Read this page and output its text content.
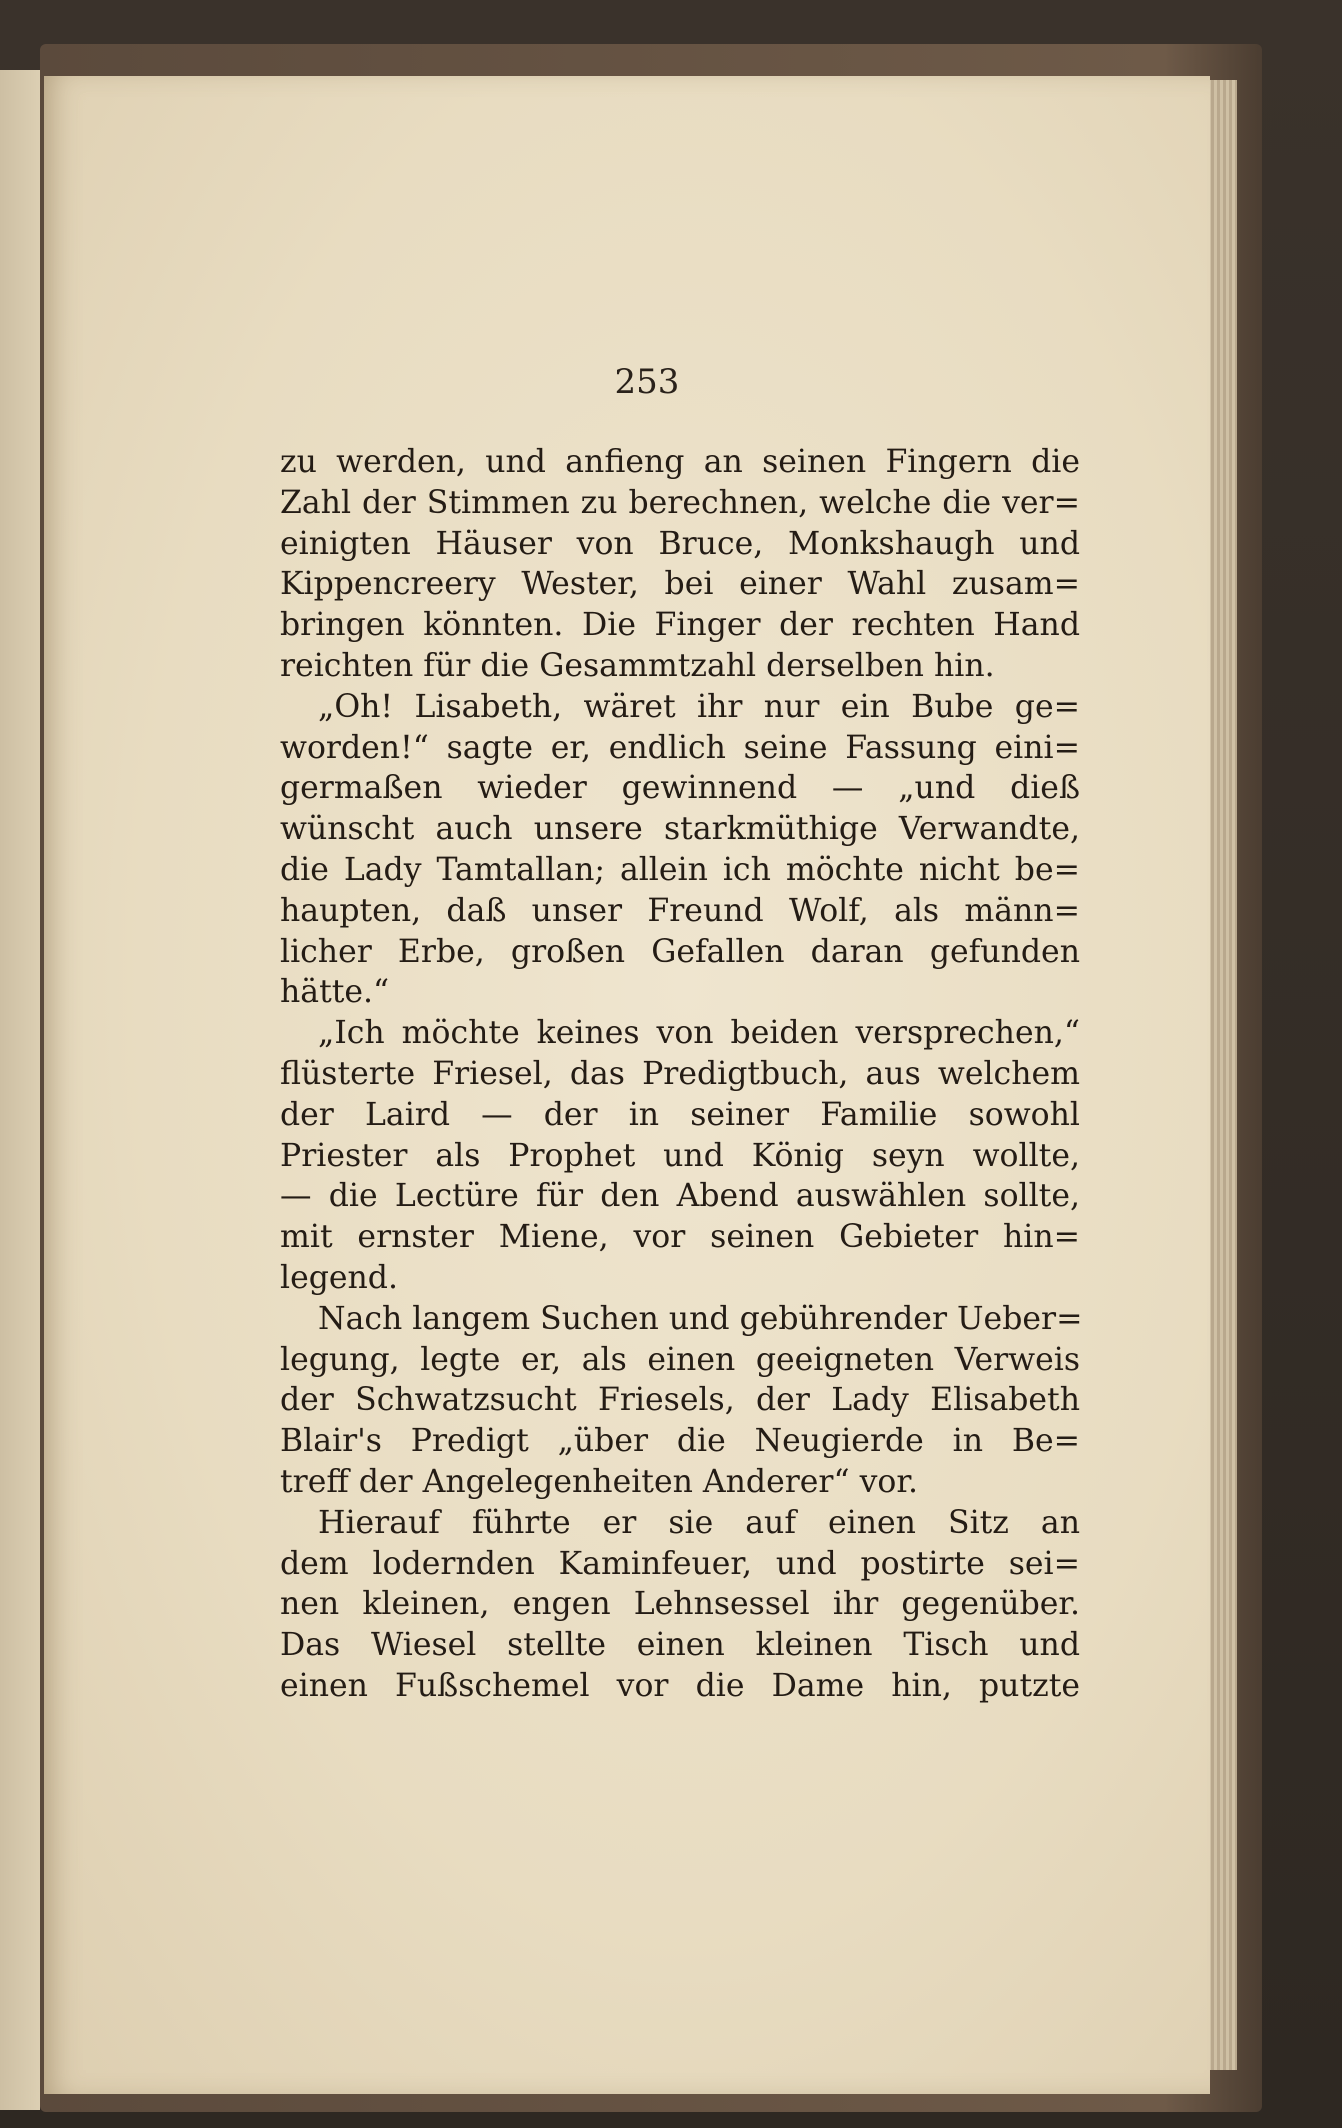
253
zu werden, und anfieng an seinen Fingern die
Zahl der Stimmen zu berechnen, welche die ver=
einigten Häuser von Bruce, Monkshaugh und
Kippencreery Wester, bei einer Wahl zusam=
bringen könnten. Die Finger der rechten Hand
reichten für die Gesammtzahl derselben hin.
„Oh! Lisabeth, wäret ihr nur ein Bube ge=
worden!“ sagte er, endlich seine Fassung eini=
germaßen wieder gewinnend — „und dieß
wünscht auch unsere starkmüthige Verwandte,
die Lady Tamtallan; allein ich möchte nicht be=
haupten, daß unser Freund Wolf, als männ=
licher Erbe, großen Gefallen daran gefunden
hätte.“
„Ich möchte keines von beiden versprechen,“
flüsterte Friesel, das Predigtbuch, aus welchem
der Laird — der in seiner Familie sowohl
Priester als Prophet und König seyn wollte,
— die Lectüre für den Abend auswählen sollte,
mit ernster Miene, vor seinen Gebieter hin=
legend.
Nach langem Suchen und gebührender Ueber=
legung, legte er, als einen geeigneten Verweis
der Schwatzsucht Friesels, der Lady Elisabeth
Blair's Predigt „über die Neugierde in Be=
treff der Angelegenheiten Anderer“ vor.
Hierauf führte er sie auf einen Sitz an
dem lodernden Kaminfeuer, und postirte sei=
nen kleinen, engen Lehnsessel ihr gegenüber.
Das Wiesel stellte einen kleinen Tisch und
einen Fußschemel vor die Dame hin, putzte
